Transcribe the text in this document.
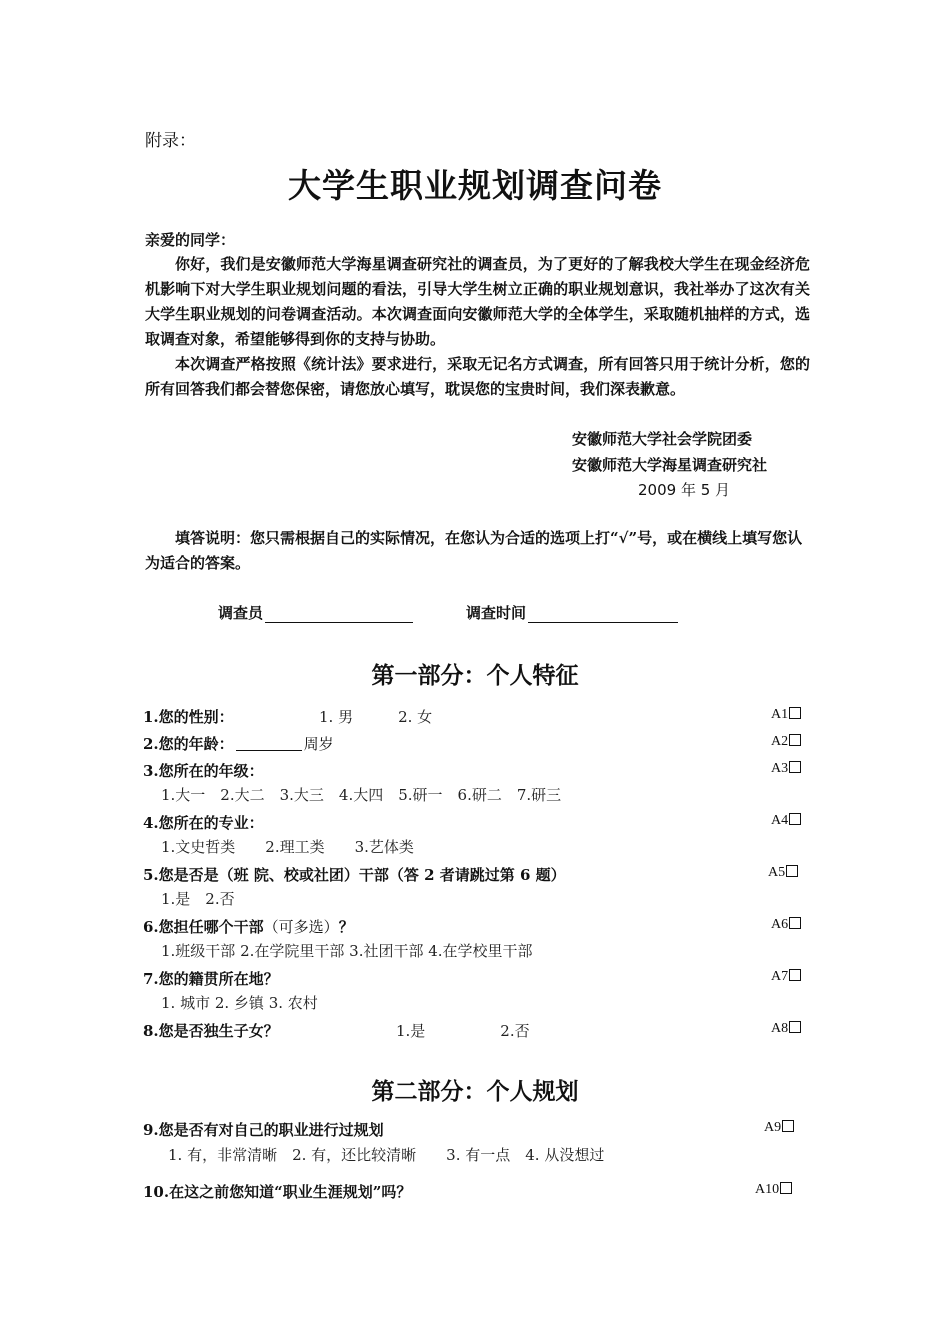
附录：
大学生职业规划调查问卷
亲爱的同学：
你好，我们是安徽师范大学海星调查研究社的调查员，为了更好的了解我校大学生在现金经济危机影响下对大学生职业规划问题的看法，引导大学生树立正确的职业规划意识，我社举办了这次有关大学生职业规划的问卷调查活动。本次调查面向安徽师范大学的全体学生，采取随机抽样的方式，选取调查对象，希望能够得到你的支持与协助。
本次调查严格按照《统计法》要求进行，采取无记名方式调查，所有回答只用于统计分析，您的所有回答我们都会替您保密，请您放心填写，耽误您的宝贵时间，我们深表歉意。
安徽师范大学社会学院团委
安徽师范大学海星调查研究社
2009 年 5 月
填答说明：您只需根据自己的实际情况，在您认为合适的选项上打“√”号，或在横线上填写您认为适合的答案。
调查员	调查时间
第一部分：个人特征
1.您的性别：	1. 男　　　2. 女	A1
2.您的年龄：	周岁	A2
3.您所在的年级：
1.大一　2.大二　3.大三　4.大四　5.研一　6.研二　7.研三
A3
4.您所在的专业：
1.文史哲类　　2.理工类　　3.艺体类
A4
5.您是否是（班 院、校或社团）干部（答 2 者请跳过第 6 题）
1.是　2.否
A5
6.您担任哪个干部（可多选）？
1.班级干部 2.在学院里干部 3.社团干部 4.在学校里干部
A6
7.您的籍贯所在地？
1. 城市 2. 乡镇 3. 农村
A7
8.您是否独生子女？	1.是　　　　　2.否	A8
第二部分：个人规划
9.您是否有对自己的职业进行过规划
1. 有，非常清晰　2. 有，还比较清晰　　3. 有一点　4. 从没想过
A9
10.在这之前您知道“职业生涯规划”吗？	A10
